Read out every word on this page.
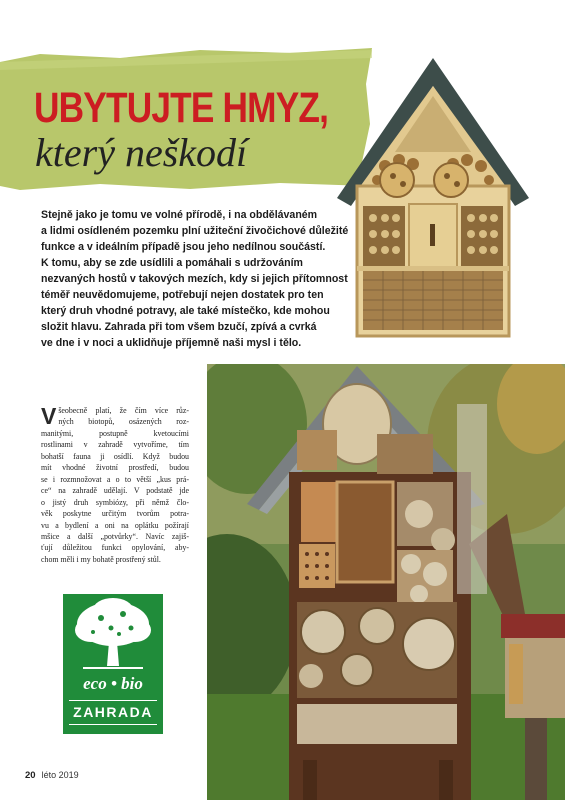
UBYTUJTE HMYZ,
který neškodí
Stejně jako je tomu ve volné přírodě, i na obdělávaném
a lidmi osídleném pozemku plní užiteční živočichové důležité
funkce a v ideálním případě jsou jeho nedílnou součástí.
K tomu, aby se zde usídlili a pomáhali s udržováním
nezvaných hostů v takových mezích, kdy si jejich přítomnost
téměř neuvědomujeme, potřebují nejen dostatek pro ten
který druh vhodné potravy, ale také místečko, kde mohou
složit hlavu. Zahrada při tom všem bzučí, zpívá a cvrká
ve dne i v noci a uklidňuje příjemně naši mysl i tělo.
V šeobecně platí, že čím více růz-
ných biotopů, osázených roz-
manitými, postupně kvetoucími
rostlinami v zahradě vytvoříme, tím
bohatší fauna ji osídlí. Když budou
mít vhodné životní prostředí, budou
se i rozmnožovat a o to větší „kus prá-
ce“ na zahradě udělají. V podstatě jde
o jistý druh symbiózy, při němž člo-
věk poskytne určitým tvorům potra-
vu a bydlení a oni na oplátku požírají
mšice a další „potvůrky“. Navíc zajiš-
ťují důležitou funkci opylování, aby-
chom měli i my bohatě prostřený stůl.
eco • bio
ZAHRADA
20 léto 2019
